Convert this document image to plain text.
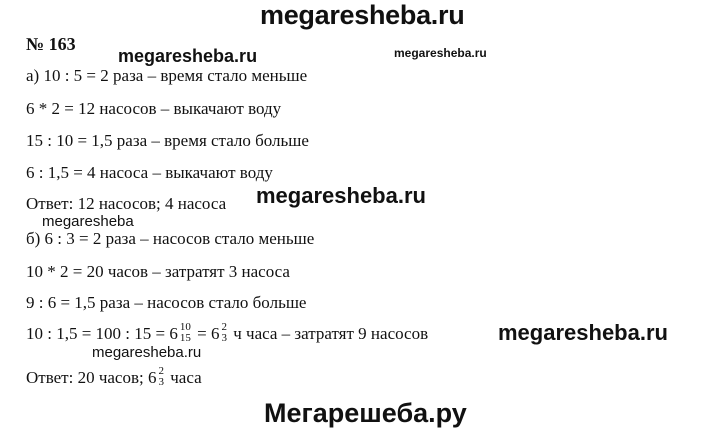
megaresheba.ru
№ 163
megaresheba.ru	megaresheba.ru
а) 10 : 5 = 2 раза – время стало меньше
6 * 2 = 12 насосов – выкачают воду
15 : 10 = 1,5 раза – время стало больше
6 : 1,5 = 4 насоса – выкачают воду
megaresheba.ru
Ответ: 12 насосов; 4 насоса
megaresheba
б) 6 : 3 = 2 раза – насосов стало меньше
10 * 2 = 20 часов – затратят 3 насоса
9 : 6 = 1,5 раза – насосов стало больше
10 : 1,5 = 100 : 15 = 6 10
15 = 6 2
3 ч часа – затратят 9 насосов	megaresheba.ru
megaresheba.ru
Ответ: 20 часов; 6 2
3 часа
Мегарешеба.ру
